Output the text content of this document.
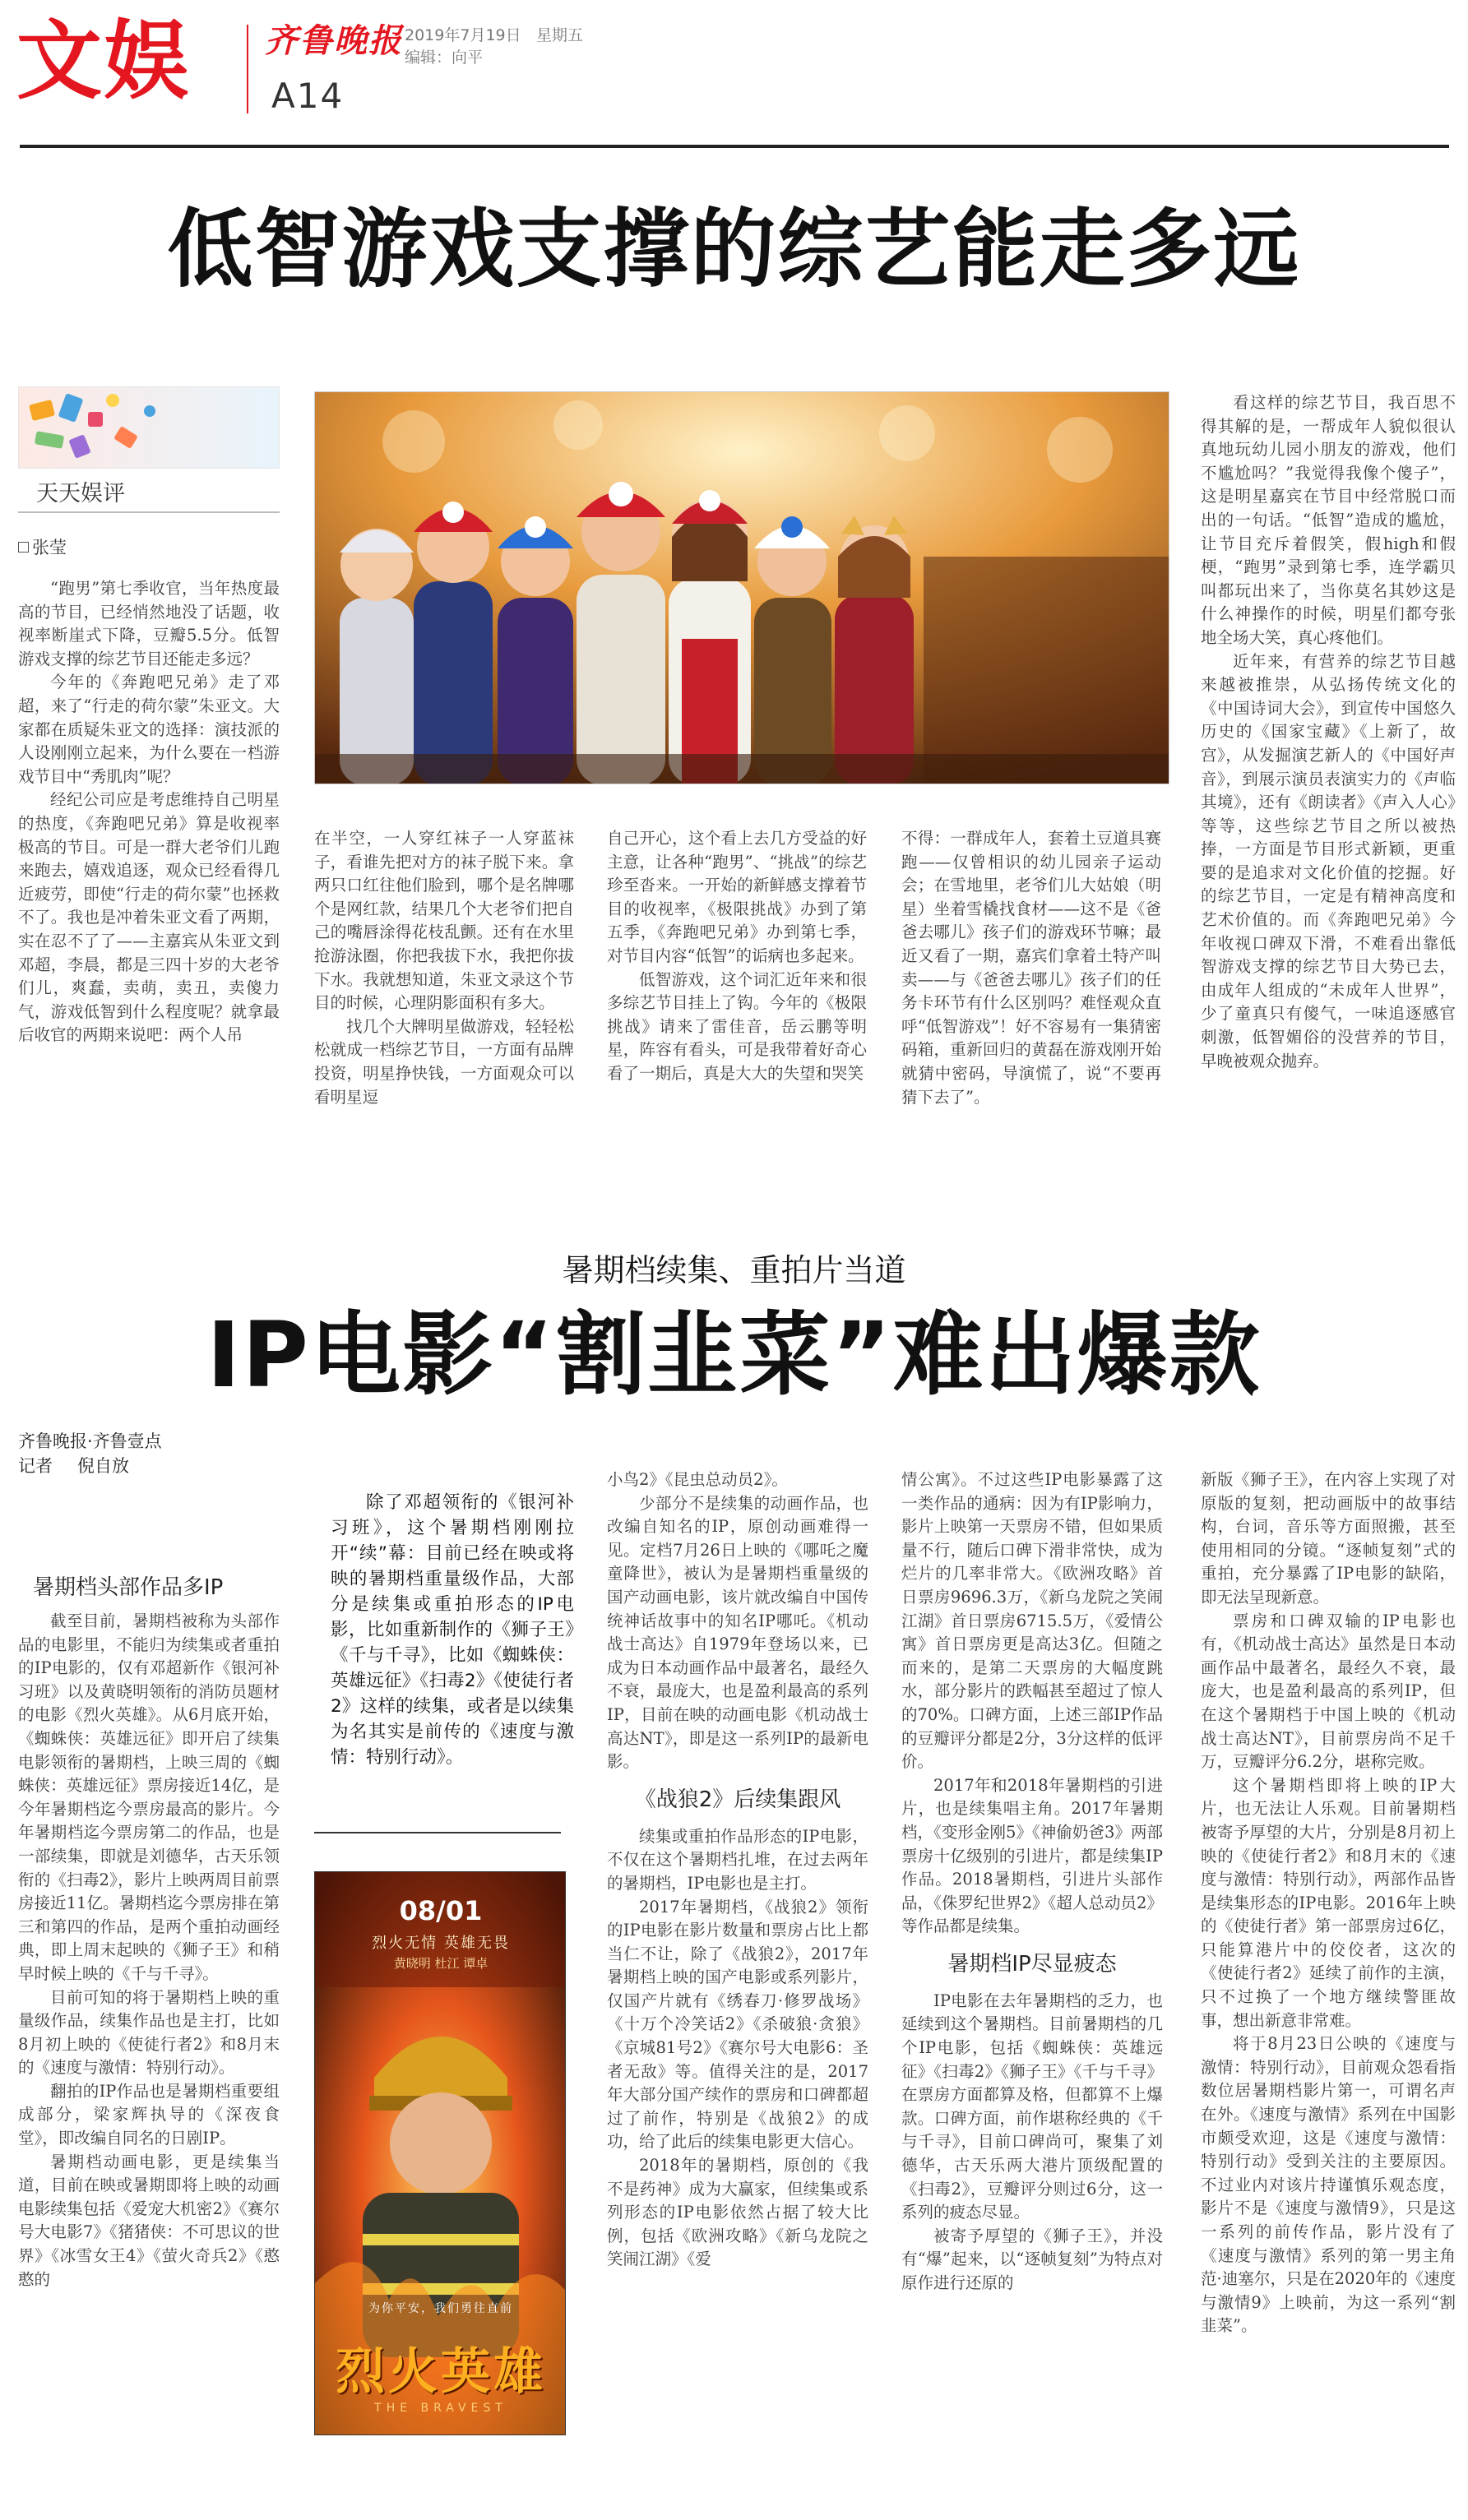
文娱 齐鲁晚报 2019年7月19日 星期五
编辑：向平
A14
低智游戏支撑的综艺能走多远
天天娱评
张莹

“跑男”第七季收官，当年热度最高的节目，已经悄然地没了话题，收视率断崖式下降，豆瓣5.5分。低智游戏支撑的综艺节目还能走多远？

今年的《奔跑吧兄弟》走了邓超，来了“行走的荷尔蒙”朱亚文。大家都在质疑朱亚文的选择：演技派的人设刚刚立起来，为什么要在一档游戏节目中“秀肌肉”呢？

经纪公司应是考虑维持自己明星的热度，《奔跑吧兄弟》算是收视率极高的节目。可是一群大老爷们儿跑来跑去，嬉戏追逐，观众已经看得几近疲劳，即使“行走的荷尔蒙”也拯救不了。我也是冲着朱亚文看了两期，实在忍不了了——主嘉宾从朱亚文到邓超，李晨，都是三四十岁的大老爷们儿，爽蠢，卖萌，卖丑，卖傻力气，游戏低智到什么程度呢？就拿最后收官的两期来说吧：两个人吊

在半空，一人穿红袜子一人穿蓝袜子，看谁先把对方的袜子脱下来。拿两只口红往他们脸到，哪个是名牌哪个是网红款，结果几个大老爷们把自己的嘴唇涂得花枝乱颤。还有在水里抢游泳圈，你把我拔下水，我把你拔下水。我就想知道，朱亚文录这个节目的时候，心理阴影面积有多大。

找几个大牌明星做游戏，轻轻松松就成一档综艺节目，一方面有品牌投资，明星挣快钱，一方面观众可以看明星逗

自己开心，这个看上去几方受益的好主意，让各种“跑男”、“挑战”的综艺珍至沓来。一开始的新鲜感支撑着节目的收视率，《极限挑战》办到了第五季，《奔跑吧兄弟》办到第七季，对节目内容“低智”的诟病也多起来。

低智游戏，这个词汇近年来和很多综艺节目挂上了钩。今年的《极限挑战》请来了雷佳音，岳云鹏等明星，阵容有看头，可是我带着好奇心看了一期后，真是大大的失望和哭笑

不得：一群成年人，套着土豆道具赛跑——仅曾相识的幼儿园亲子运动会；在雪地里，老爷们儿大姑娘（明星）坐着雪橇找食材——这不是《爸爸去哪儿》孩子们的游戏环节嘛；最近又看了一期，嘉宾们拿着土特产叫卖——与《爸爸去哪儿》孩子们的任务卡环节有什么区别吗？难怪观众直呼“低智游戏”！好不容易有一集猜密码箱，重新回归的黄磊在游戏刚开始就猜中密码，导演慌了，说“不要再猜下去了”。

看这样的综艺节目，我百思不得其解的是，一帮成年人貌似很认真地玩幼儿园小朋友的游戏，他们不尴尬吗？”我觉得我像个傻子”，这是明星嘉宾在节目中经常脱口而出的一句话。“低智”造成的尴尬，让节目充斥着假笑，假high和假梗，“跑男”录到第七季，连学霸贝叫都玩出来了，当你莫名其妙这是什么神操作的时候，明星们都夸张地全场大笑，真心疼他们。

近年来，有营养的综艺节目越来越被推崇，从弘扬传统文化的《中国诗词大会》，到宣传中国悠久历史的《国家宝藏》《上新了，故宫》，从发掘演艺新人的《中国好声音》，到展示演员表演实力的《声临其境》，还有《朗读者》《声入人心》等等，这些综艺节目之所以被热捧，一方面是节目形式新颖，更重要的是追求对文化价值的挖掘。好的综艺节目，一定是有精神高度和艺术价值的。而《奔跑吧兄弟》今年收视口碑双下滑，不难看出靠低智游戏支撑的综艺节目大势已去，由成年人组成的“未成年人世界”，少了童真只有傻气，一味追逐感官刺激，低智媚俗的没营养的节目，早晚被观众抛弃。

暑期档续集、重拍片当道
IP电影“割韭菜”难出爆款
齐鲁晚报·齐鲁壹点
记者 倪自放
暑期档头部作品多IP

截至目前，暑期档被称为头部作品的电影里，不能归为续集或者重拍的IP电影的，仅有邓超新作《银河补习班》以及黄晓明领衔的消防员题材的电影《烈火英雄》。从6月底开始，《蜘蛛侠：英雄远征》即开启了续集电影领衔的暑期档，上映三周的《蜘蛛侠：英雄远征》票房接近14亿，是今年暑期档迄今票房最高的影片。今年暑期档迄今票房第二的作品，也是一部续集，即就是刘德华，古天乐领衔的《扫毒2》，影片上映两周目前票房接近11亿。暑期档迄今票房排在第三和第四的作品，是两个重拍动画经典，即上周末起映的《狮子王》和稍早时候上映的《千与千寻》。

目前可知的将于暑期档上映的重量级作品，续集作品也是主打，比如8月初上映的《使徒行者2》和8月末的《速度与激情：特别行动》。

翻拍的IP作品也是暑期档重要组成部分，梁家辉执导的《深夜食堂》，即改编自同名的日剧IP。

暑期档动画电影，更是续集当道，目前在映或暑期即将上映的动画电影续集包括《爱宠大机密2》《赛尔号大电影7》《猪猪侠：不可思议的世界》《冰雪女王4》《萤火奇兵2》《憨憨的

除了邓超领衔的《银河补习班》，这个暑期档刚刚拉开“续”幕：目前已经在映或将映的暑期档重量级作品，大部分是续集或重拍形态的IP电影，比如重新制作的《狮子王》《千与千寻》，比如《蜘蛛侠：英雄远征》《扫毒2》《使徒行者2》这样的续集，或者是以续集为名其实是前传的《速度与激情：特别行动》。
08/01
烈火无情 英雄无畏
黄晓明 杜江 谭卓
为你平安，我们勇往直前
烈火英雄
THE BRAVEST

小鸟2》《昆虫总动员2》。

少部分不是续集的动画作品，也改编自知名的IP，原创动画难得一见。定档7月26日上映的《哪吒之魔童降世》，被认为是暑期档重量级的国产动画电影，该片就改编自中国传统神话故事中的知名IP哪吒。《机动战士高达》自1979年登场以来，已成为日本动画作品中最著名，最经久不衰，最庞大，也是盈利最高的系列IP，目前在映的动画电影《机动战士高达NT》，即是这一系列IP的最新电影。

《战狼2》后续集跟风

续集或重拍作品形态的IP电影，不仅在这个暑期档扎堆，在过去两年的暑期档，IP电影也是主打。

2017年暑期档，《战狼2》领衔的IP电影在影片数量和票房占比上都当仁不让，除了《战狼2》，2017年暑期档上映的国产电影或系列影片，仅国产片就有《绣春刀·修罗战场》《十万个冷笑话2》《杀破狼·贪狼》《京城81号2》《赛尔号大电影6：圣者无敌》等。值得关注的是，2017年大部分国产续作的票房和口碑都超过了前作，特别是《战狼2》的成功，给了此后的续集电影更大信心。

2018年的暑期档，原创的《我不是药神》成为大赢家，但续集或系列形态的IP电影依然占据了较大比例，包括《欧洲攻略》《新乌龙院之笑闹江湖》《爱

情公寓》。不过这些IP电影暴露了这一类作品的通病：因为有IP影响力，影片上映第一天票房不错，但如果质量不行，随后口碑下滑非常快，成为烂片的几率非常大。《欧洲攻略》首日票房9696.3万，《新乌龙院之笑闹江湖》首日票房6715.5万，《爱情公寓》首日票房更是高达3亿。但随之而来的，是第二天票房的大幅度跳水，部分影片的跌幅甚至超过了惊人的70%。口碑方面，上述三部IP作品的豆瓣评分都是2分，3分这样的低评价。

2017年和2018年暑期档的引进片，也是续集唱主角。2017年暑期档，《变形金刚5》《神偷奶爸3》两部票房十亿级别的引进片，都是续集IP作品。2018暑期档，引进片头部作品，《侏罗纪世界2》《超人总动员2》等作品都是续集。

暑期档IP尽显疲态

IP电影在去年暑期档的乏力，也延续到这个暑期档。目前暑期档的几个IP电影，包括《蜘蛛侠：英雄远征》《扫毒2》《狮子王》《千与千寻》在票房方面都算及格，但都算不上爆款。口碑方面，前作堪称经典的《千与千寻》，目前口碑尚可，聚集了刘德华，古天乐两大港片顶级配置的《扫毒2》，豆瓣评分则过6分，这一系列的疲态尽显。

被寄予厚望的《狮子王》，并没有“爆”起来，以“逐帧复刻”为特点对原作进行还原的

新版《狮子王》，在内容上实现了对原版的复刻，把动画版中的故事结构，台词，音乐等方面照搬，甚至使用相同的分镜。“逐帧复刻”式的重拍，充分暴露了IP电影的缺陷，即无法呈现新意。

票房和口碑双输的IP电影也有，《机动战士高达》虽然是日本动画作品中最著名，最经久不衰，最庞大，也是盈利最高的系列IP，但在这个暑期档于中国上映的《机动战士高达NT》，目前票房尚不足千万，豆瓣评分6.2分，堪称完败。

这个暑期档即将上映的IP大片，也无法让人乐观。目前暑期档被寄予厚望的大片，分别是8月初上映的《使徒行者2》和8月末的《速度与激情：特别行动》，两部作品皆是续集形态的IP电影。2016年上映的《使徒行者》第一部票房过6亿，只能算港片中的佼佼者，这次的《使徒行者2》延续了前作的主演，只不过换了一个地方继续警匪故事，想出新意非常难。

将于8月23日公映的《速度与激情：特别行动》，目前观众怨看指数位居暑期档影片第一，可谓名声在外。《速度与激情》系列在中国影市颇受欢迎，这是《速度与激情：特别行动》受到关注的主要原因。不过业内对该片持谨慎乐观态度，影片不是《速度与激情9》，只是这一系列的前传作品，影片没有了《速度与激情》系列的第一男主角范·迪塞尔，只是在2020年的《速度与激情9》上映前，为这一系列“割韭菜”。
